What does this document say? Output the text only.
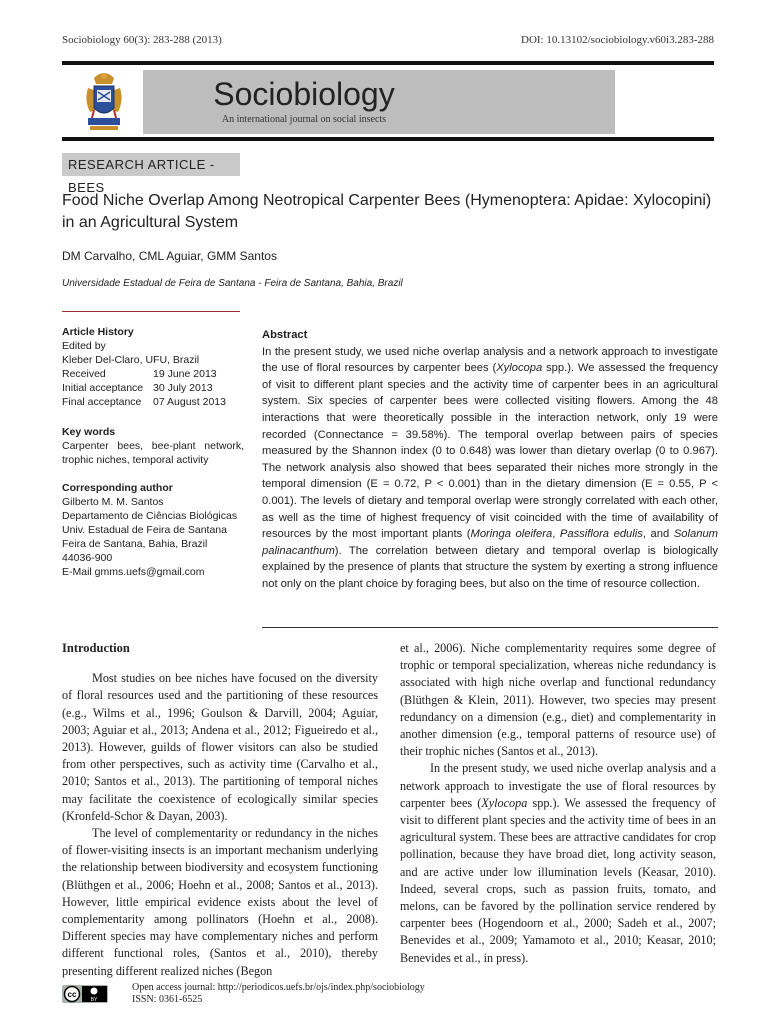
Sociobiology 60(3): 283-288 (2013)	DOI: 10.13102/sociobiology.v60i3.283-288
Sociobiology
An international journal on social insects
RESEARCH ARTICLE - BEES
Food Niche Overlap Among Neotropical Carpenter Bees (Hymenoptera: Apidae: Xylocopini) in an Agricultural System
DM Carvalho, CML Aguiar, GMM Santos
Universidade Estadual de Feira de Santana - Feira de Santana, Bahia, Brazil
Article History
Edited by
Kleber Del-Claro, UFU, Brazil
Received	19 June 2013
Initial acceptance 30 July 2013
Final acceptance	07 August 2013
Key words
Carpenter bees, bee-plant network, trophic niches, temporal activity
Corresponding author
Gilberto M. M. Santos
Departamento de Ciências Biológicas
Univ. Estadual de Feira de Santana
Feira de Santana, Bahia, Brazil
44036-900
E-Mail gmms.uefs@gmail.com
Abstract
In the present study, we used niche overlap analysis and a network approach to investigate the use of floral resources by carpenter bees (Xylocopa spp.). We assessed the frequency of visit to different plant species and the activity time of carpenter bees in an agricultural system. Six species of carpenter bees were collected visiting flowers. Among the 48 interactions that were theoretically possible in the interaction network, only 19 were recorded (Connectance = 39.58%). The temporal overlap between pairs of species measured by the Shannon index (0 to 0.648) was lower than dietary overlap (0 to 0.967). The network analysis also showed that bees separated their niches more strongly in the temporal dimension (E = 0.72, P < 0.001) than in the dietary dimension (E = 0.55, P < 0.001). The levels of dietary and temporal overlap were strongly correlated with each other, as well as the time of highest frequency of visit coincided with the time of availability of resources by the most important plants (Moringa oleifera, Passiflora edulis, and Solanum palinacanthum). The correlation between dietary and temporal overlap is biologically explained by the presence of plants that structure the system by exerting a strong influence not only on the plant choice by foraging bees, but also on the time of resource collection.
Introduction

Most studies on bee niches have focused on the diversity of floral resources used and the partitioning of these resources (e.g., Wilms et al., 1996; Goulson & Darvill, 2004; Aguiar, 2003; Aguiar et al., 2013; Andena et al., 2012; Figueiredo et al., 2013). However, guilds of flower visitors can also be studied from other perspectives, such as activity time (Carvalho et al., 2010; Santos et al., 2013). The partitioning of temporal niches may facilitate the coexistence of ecologically similar species (Kronfeld-Schor & Dayan, 2003).

The level of complementarity or redundancy in the niches of flower-visiting insects is an important mechanism underlying the relationship between biodiversity and ecosystem functioning (Blüthgen et al., 2006; Hoehn et al., 2008; Santos et al., 2013). However, little empirical evidence exists about the level of complementarity among pollinators (Hoehn et al., 2008). Different species may have complementary niches and perform different functional roles, (Santos et al., 2010), thereby presenting different realized niches (Begon

et al., 2006). Niche complementarity requires some degree of trophic or temporal specialization, whereas niche redundancy is associated with high niche overlap and functional redundancy (Blüthgen & Klein, 2011). However, two species may present redundancy on a dimension (e.g., diet) and complementarity in another dimension (e.g., temporal patterns of resource use) of their trophic niches (Santos et al., 2013).

In the present study, we used niche overlap analysis and a network approach to investigate the use of floral resources by carpenter bees (Xylocopa spp.). We assessed the frequency of visit to different plant species and the activity time of bees in an agricultural system. These bees are attractive candidates for crop pollination, because they have broad diet, long activity season, and are active under low illumination levels (Keasar, 2010). Indeed, several crops, such as passion fruits, tomato, and melons, can be favored by the pollination service rendered by carpenter bees (Hogendoorn et al., 2000; Sadeh et al., 2007; Benevides et al., 2009; Yamamoto et al., 2010; Keasar, 2010; Benevides et al., in press).

cc
BY
Open access journal: http://periodicos.uefs.br/ojs/index.php/sociobiology
ISSN: 0361-6525
